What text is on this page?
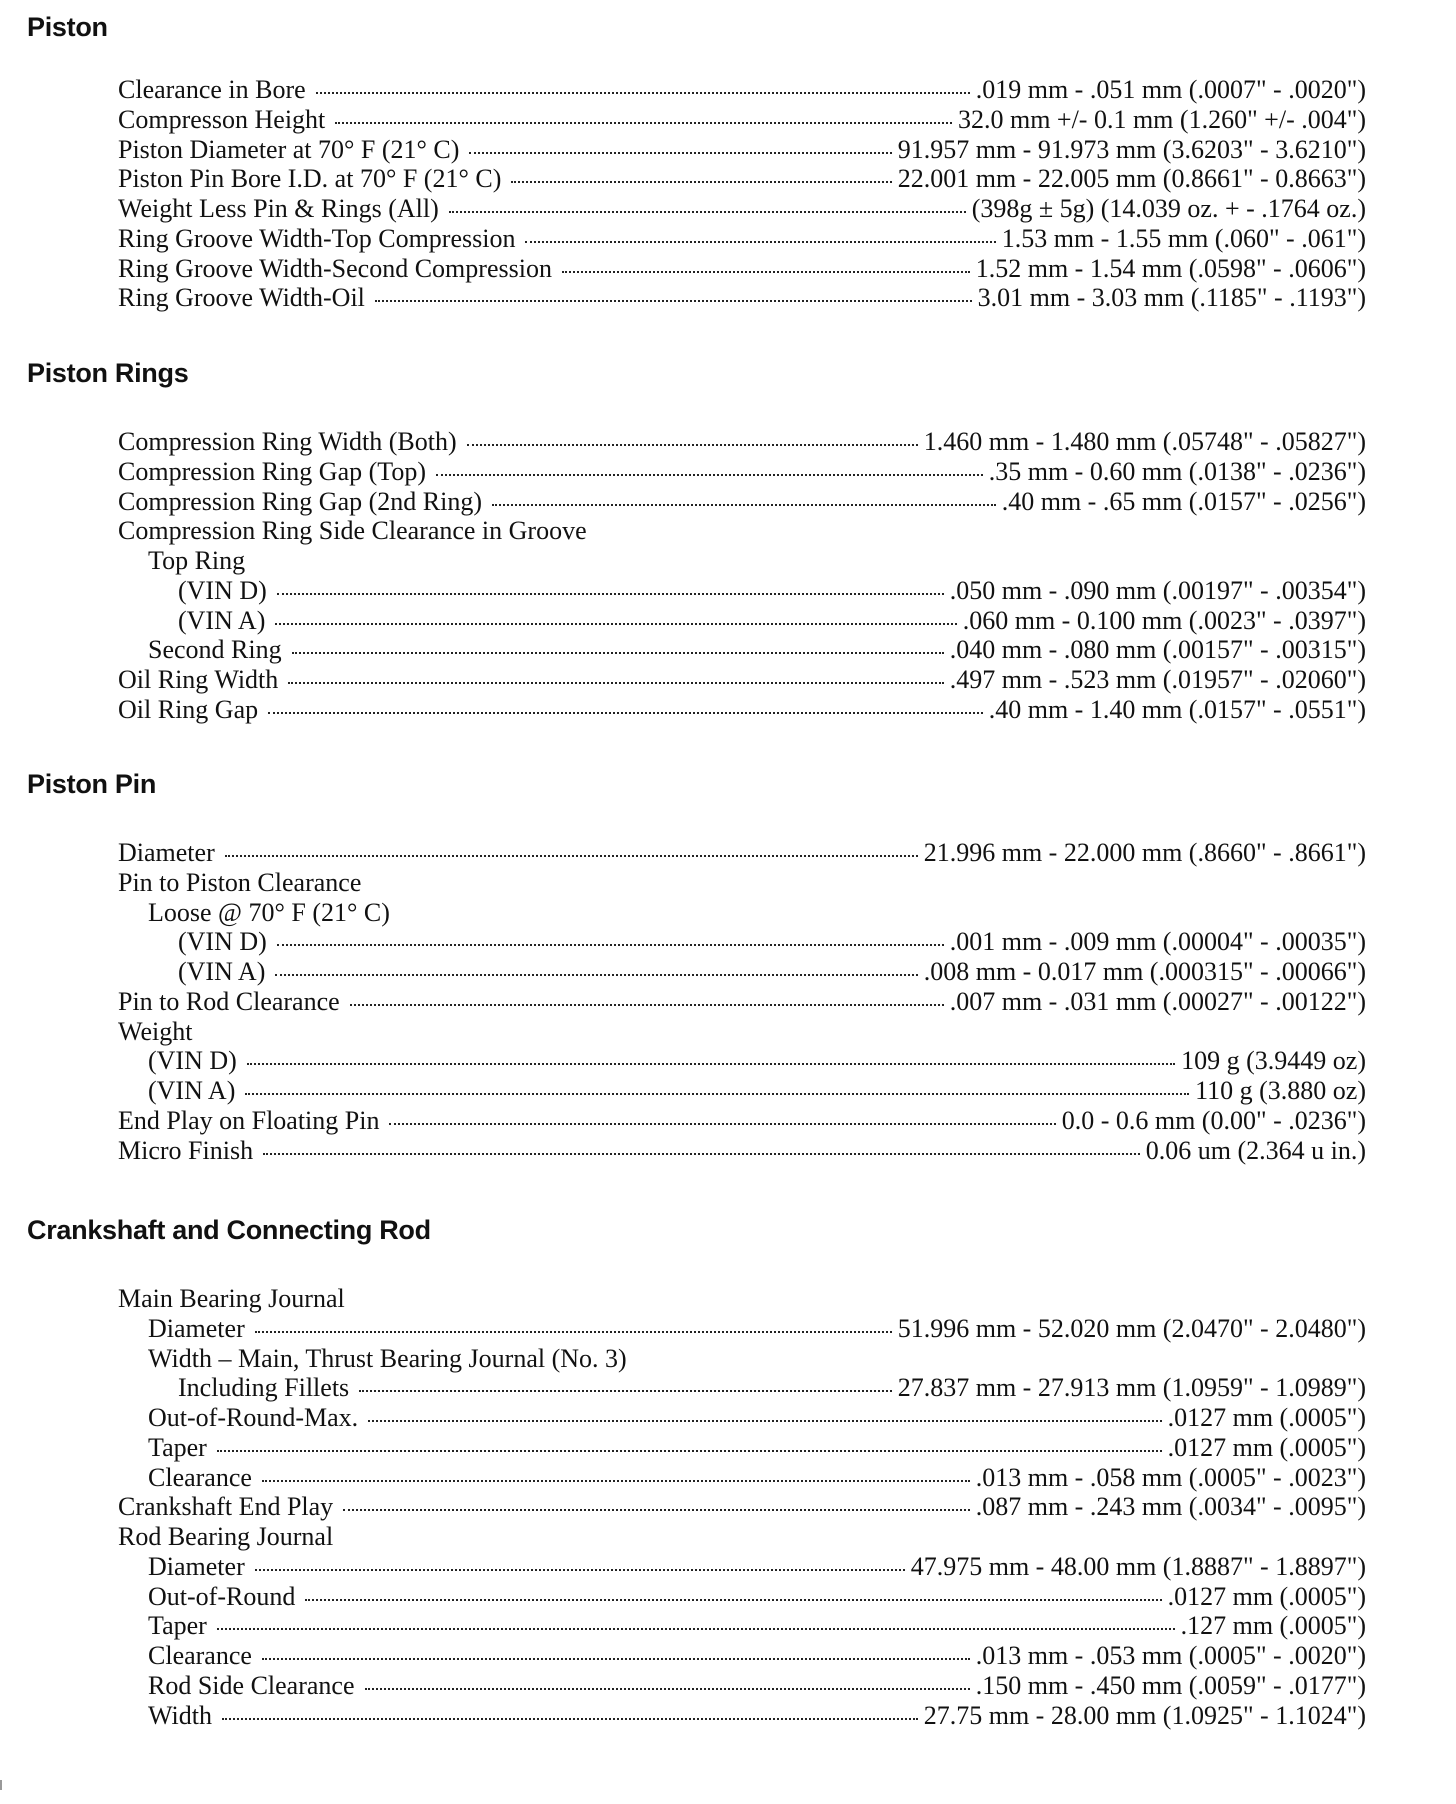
Piston
Clearance in Bore	.019 mm - .051 mm (.0007" - .0020")
Compresson Height	32.0 mm +/- 0.1 mm (1.260" +/- .004")
Piston Diameter at 70° F (21° C)	91.957 mm - 91.973 mm (3.6203" - 3.6210")
Piston Pin Bore I.D. at 70° F (21° C)	22.001 mm - 22.005 mm (0.8661" - 0.8663")
Weight Less Pin & Rings (All)	(398g ± 5g) (14.039 oz. + - .1764 oz.)
Ring Groove Width-Top Compression	1.53 mm - 1.55 mm (.060" - .061")
Ring Groove Width-Second Compression	1.52 mm - 1.54 mm (.0598" - .0606")
Ring Groove Width-Oil	3.01 mm - 3.03 mm (.1185" - .1193")
Piston Rings
Compression Ring Width (Both)	1.460 mm - 1.480 mm (.05748" - .05827")
Compression Ring Gap (Top)	.35 mm - 0.60 mm (.0138" - .0236")
Compression Ring Gap (2nd Ring)	.40 mm - .65 mm (.0157" - .0256")
Compression Ring Side Clearance in Groove
Top Ring
(VIN D)	.050 mm - .090 mm (.00197" - .00354")
(VIN A)	.060 mm - 0.100 mm (.0023" - .0397")
Second Ring	.040 mm - .080 mm (.00157" - .00315")
Oil Ring Width	.497 mm - .523 mm (.01957" - .02060")
Oil Ring Gap	.40 mm - 1.40 mm (.0157" - .0551")
Piston Pin
Diameter	21.996 mm - 22.000 mm (.8660" - .8661")
Pin to Piston Clearance
Loose @ 70° F (21° C)
(VIN D)	.001 mm - .009 mm (.00004" - .00035")
(VIN A)	.008 mm - 0.017 mm (.000315" - .00066")
Pin to Rod Clearance	.007 mm - .031 mm (.00027" - .00122")
Weight
(VIN D)	109 g (3.9449 oz)
(VIN A)	110 g (3.880 oz)
End Play on Floating Pin	0.0 - 0.6 mm (0.00" - .0236")
Micro Finish	0.06 um (2.364 u in.)
Crankshaft and Connecting Rod
Main Bearing Journal
Diameter	51.996 mm - 52.020 mm (2.0470" - 2.0480")
Width – Main, Thrust Bearing Journal (No. 3)
Including Fillets	27.837 mm - 27.913 mm (1.0959" - 1.0989")
Out-of-Round-Max.	.0127 mm (.0005")
Taper	.0127 mm (.0005")
Clearance	.013 mm - .058 mm (.0005" - .0023")
Crankshaft End Play	.087 mm - .243 mm (.0034" - .0095")
Rod Bearing Journal
Diameter	47.975 mm - 48.00 mm (1.8887" - 1.8897")
Out-of-Round	.0127 mm (.0005")
Taper	.127 mm (.0005")
Clearance	.013 mm - .053 mm (.0005" - .0020")
Rod Side Clearance	.150 mm - .450 mm (.0059" - .0177")
Width	27.75 mm - 28.00 mm (1.0925" - 1.1024")
